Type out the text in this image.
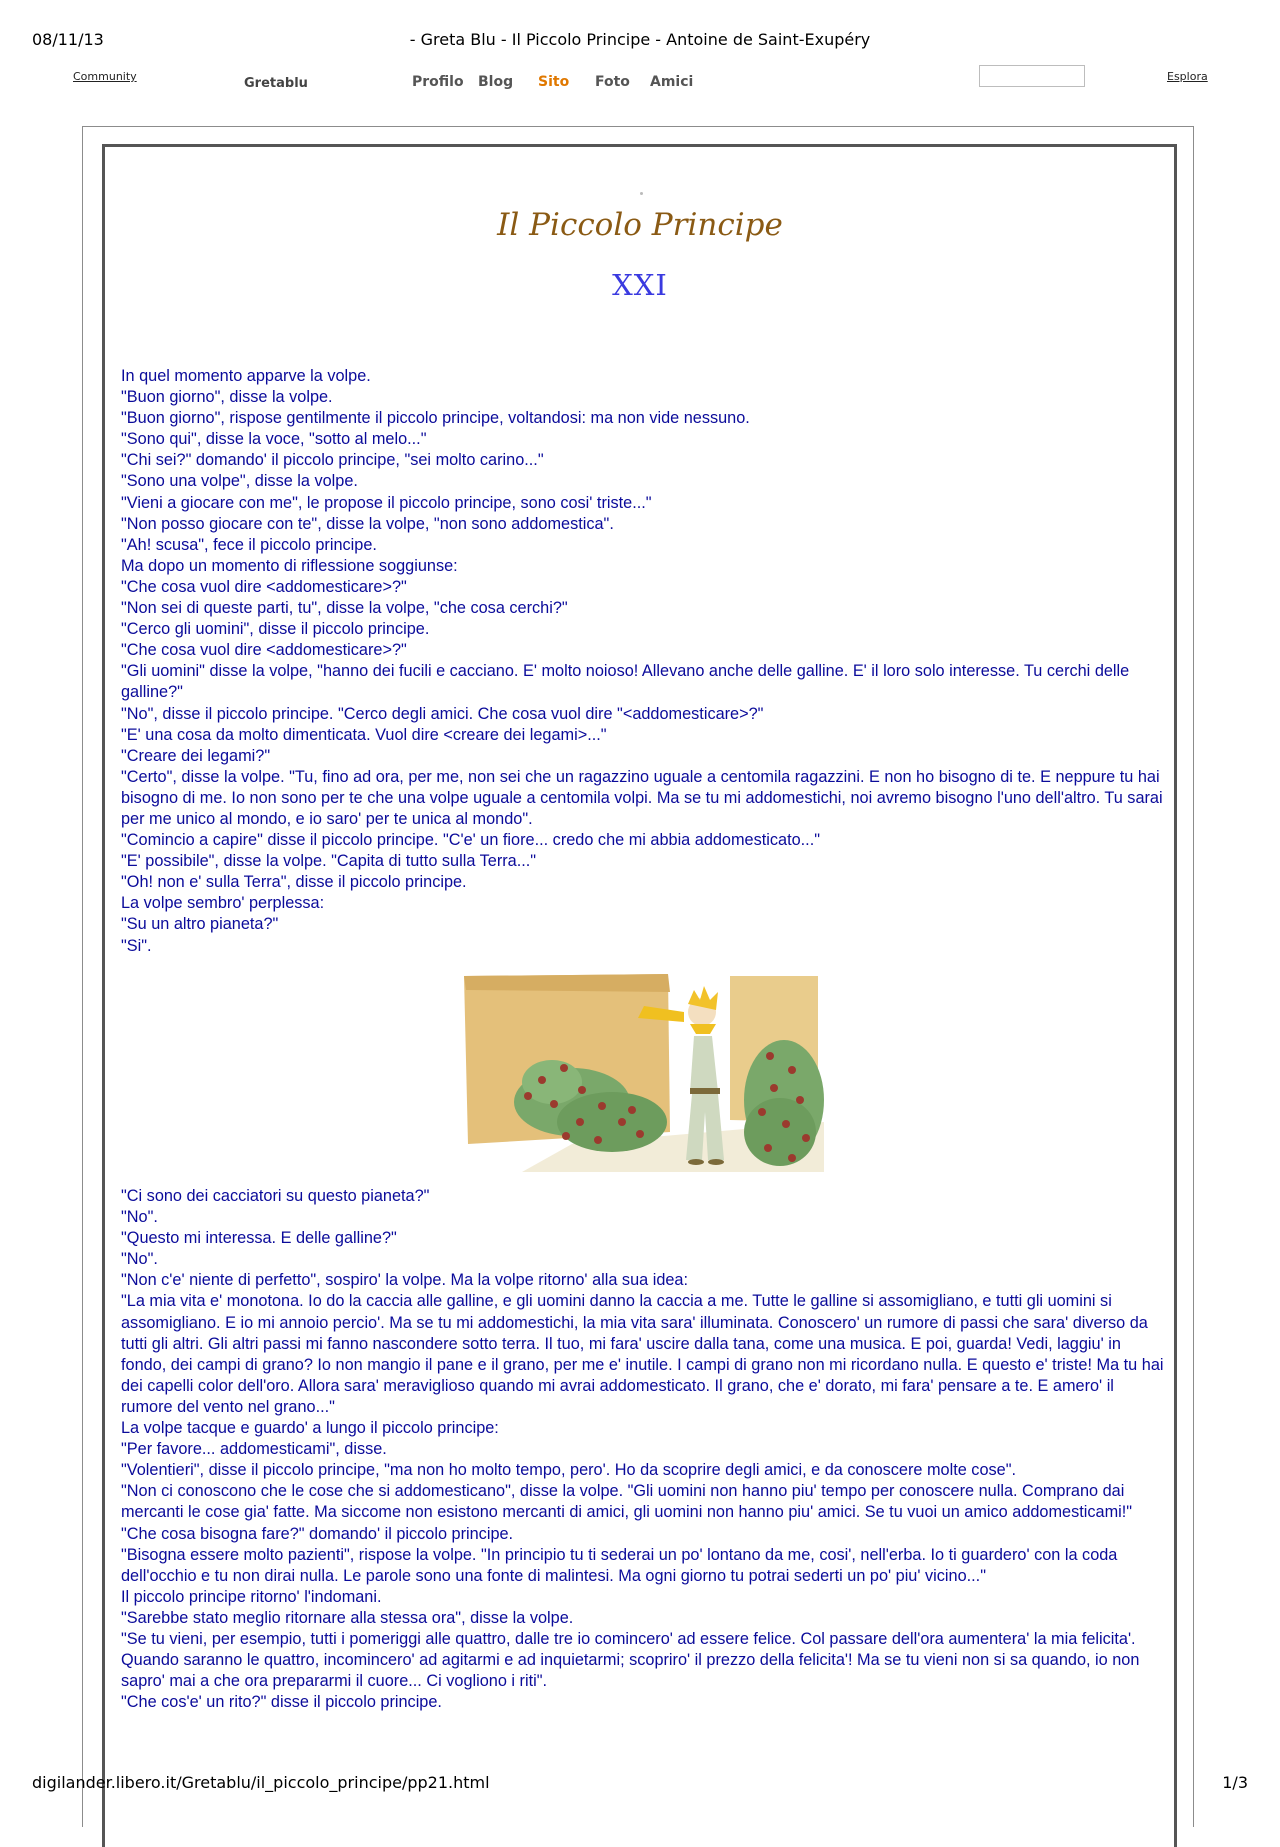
08/11/13	- Greta Blu - Il Piccolo Principe - Antoine de Saint-Exupéry
Community	Gretablu	Profilo Blog Sito Foto Amici	Esplora
Il Piccolo Principe
XXI

In quel momento apparve la volpe.

"Buon giorno", disse la volpe.

"Buon giorno", rispose gentilmente il piccolo principe, voltandosi: ma non vide nessuno.

"Sono qui", disse la voce, "sotto al melo..."

"Chi sei?" domando' il piccolo principe, "sei molto carino..."

"Sono una volpe", disse la volpe.

"Vieni a giocare con me", le propose il piccolo principe, sono cosi' triste..."

"Non posso giocare con te", disse la volpe, "non sono addomestica".

"Ah! scusa", fece il piccolo principe.

Ma dopo un momento di riflessione soggiunse:

"Che cosa vuol dire <addomesticare>?"

"Non sei di queste parti, tu", disse la volpe, "che cosa cerchi?"

"Cerco gli uomini", disse il piccolo principe.

"Che cosa vuol dire <addomesticare>?"

"Gli uomini" disse la volpe, "hanno dei fucili e cacciano. E' molto noioso! Allevano anche delle galline. E' il loro solo interesse. Tu cerchi delle galline?"

"No", disse il piccolo principe. "Cerco degli amici. Che cosa vuol dire "<addomesticare>?"

"E' una cosa da molto dimenticata. Vuol dire <creare dei legami>..."

"Creare dei legami?"

"Certo", disse la volpe. "Tu, fino ad ora, per me, non sei che un ragazzino uguale a centomila ragazzini. E non ho bisogno di te. E neppure tu hai bisogno di me. Io non sono per te che una volpe uguale a centomila volpi. Ma se tu mi addomestichi, noi avremo bisogno l'uno dell'altro. Tu sarai per me unico al mondo, e io saro' per te unica al mondo".

"Comincio a capire" disse il piccolo principe. "C'e' un fiore... credo che mi abbia addomesticato..."

"E' possibile", disse la volpe. "Capita di tutto sulla Terra..."

"Oh! non e' sulla Terra", disse il piccolo principe.

La volpe sembro' perplessa:

"Su un altro pianeta?"

"Si".

"Ci sono dei cacciatori su questo pianeta?"

"No".

"Questo mi interessa. E delle galline?"

"No".

"Non c'e' niente di perfetto", sospiro' la volpe. Ma la volpe ritorno' alla sua idea:

"La mia vita e' monotona. Io do la caccia alle galline, e gli uomini danno la caccia a me. Tutte le galline si assomigliano, e tutti gli uomini si assomigliano. E io mi annoio percio'. Ma se tu mi addomestichi, la mia vita sara' illuminata. Conoscero' un rumore di passi che sara' diverso da tutti gli altri. Gli altri passi mi fanno nascondere sotto terra. Il tuo, mi fara' uscire dalla tana, come una musica. E poi, guarda! Vedi, laggiu' in fondo, dei campi di grano? Io non mangio il pane e il grano, per me e' inutile. I campi di grano non mi ricordano nulla. E questo e' triste! Ma tu hai dei capelli color dell'oro. Allora sara' meraviglioso quando mi avrai addomesticato. Il grano, che e' dorato, mi fara' pensare a te. E amero' il rumore del vento nel grano..."

La volpe tacque e guardo' a lungo il piccolo principe:

"Per favore... addomesticami", disse.

"Volentieri", disse il piccolo principe, "ma non ho molto tempo, pero'. Ho da scoprire degli amici, e da conoscere molte cose".

"Non ci conoscono che le cose che si addomesticano", disse la volpe. "Gli uomini non hanno piu' tempo per conoscere nulla. Comprano dai mercanti le cose gia' fatte. Ma siccome non esistono mercanti di amici, gli uomini non hanno piu' amici. Se tu vuoi un amico addomesticami!"

"Che cosa bisogna fare?" domando' il piccolo principe.

"Bisogna essere molto pazienti", rispose la volpe. "In principio tu ti sederai un po' lontano da me, cosi', nell'erba. Io ti guardero' con la coda dell'occhio e tu non dirai nulla. Le parole sono una fonte di malintesi. Ma ogni giorno tu potrai sederti un po' piu' vicino..."

Il piccolo principe ritorno' l'indomani.

"Sarebbe stato meglio ritornare alla stessa ora", disse la volpe.

"Se tu vieni, per esempio, tutti i pomeriggi alle quattro, dalle tre io comincero' ad essere felice. Col passare dell'ora aumentera' la mia felicita'. Quando saranno le quattro, incomincero' ad agitarmi e ad inquietarmi; scopriro' il prezzo della felicita'! Ma se tu vieni non si sa quando, io non sapro' mai a che ora prepararmi il cuore... Ci vogliono i riti".

"Che cos'e' un rito?" disse il piccolo principe.

digilander.libero.it/Gretablu/il_piccolo_principe/pp21.html	1/3
